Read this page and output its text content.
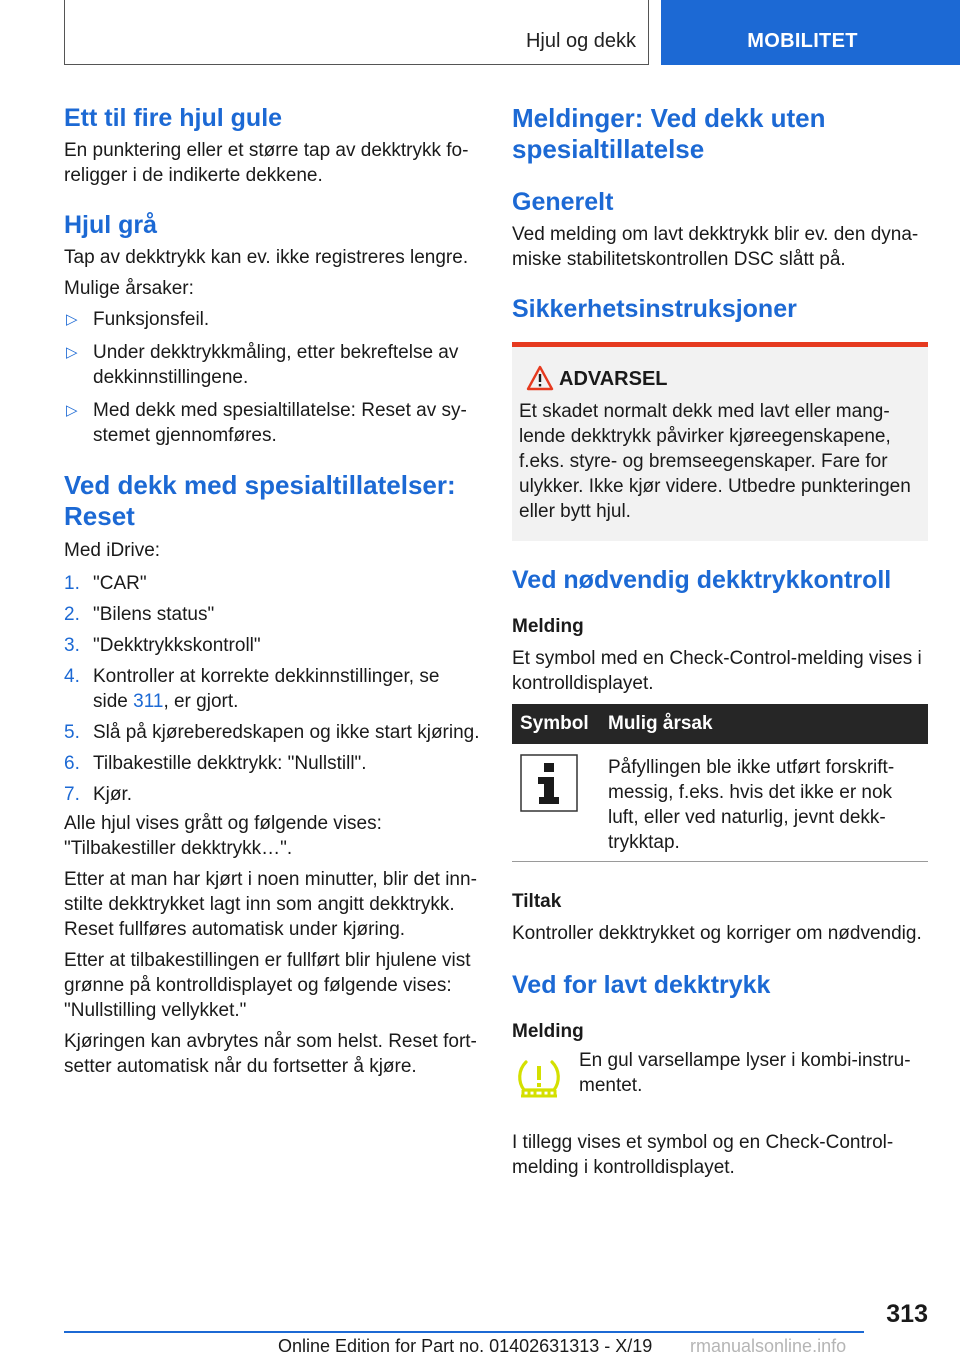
Hjul og dekk	MOBILITET
Ett til fire hjul gule

En punktering eller et større tap av dekktrykk fo-
religger i de indikerte dekkene.

Hjul grå

Tap av dekktrykk kan ev. ikke registreres lengre.

Mulige årsaker:

▷ Funksjonsfeil.
▷ Under dekktrykkmåling, etter bekreftelse av
dekkinnstillingene.
▷ Med dekk med spesialtillatelse: Reset av sy-
stemet gjennomføres.
Ved dekk med spesialtillatelser:
Reset

Med iDrive:

1. "CAR"
2. "Bilens status"
3. "Dekktrykkskontroll"
4. Kontroller at korrekte dekkinnstillinger, se
side 311, er gjort.
5. Slå på kjøreberedskapen og ikke start kjøring.
6. Tilbakestille dekktrykk: "Nullstill".
7. Kjør.

Alle hjul vises grått og følgende vises:
"Tilbakestiller dekktrykk…".

Etter at man har kjørt i noen minutter, blir det inn-
stilte dekktrykket lagt inn som angitt dekktrykk.
Reset fullføres automatisk under kjøring.

Etter at tilbakestillingen er fullført blir hjulene vist
grønne på kontrolldisplayet og følgende vises:
"Nullstilling vellykket."

Kjøringen kan avbrytes når som helst. Reset fort-
setter automatisk når du fortsetter å kjøre.

Meldinger: Ved dekk uten
spesialtillatelse
Generelt

Ved melding om lavt dekktrykk blir ev. den dyna-
miske stabilitetskontrollen DSC slått på.

Sikkerhetsinstruksjoner
ADVARSEL

Et skadet normalt dekk med lavt eller mang-
lende dekktrykk påvirker kjøreegenskapene,
f.eks. styre- og bremseegenskaper. Fare for
ulykker. Ikke kjør videre. Utbedre punkteringen
eller bytt hjul.

Ved nødvendig dekktrykkontroll
Melding

Et symbol med en Check-Control-melding vises i
kontrolldisplayet.

Symbol	Mulig årsak
	Påfyllingen ble ikke utført forskrift-
messig, f.eks. hvis det ikke er nok
luft, eller ved naturlig, jevnt dekk-
trykktap.
Tiltak

Kontroller dekktrykket og korriger om nødvendig.

Ved for lavt dekktrykk
Melding

En gul varsellampe lyser i kombi-instru-
mentet.

I tillegg vises et symbol og en Check-Control-
melding i kontrolldisplayet.

313
Online Edition for Part no. 01402631313 - X/19 rmanualsonline.info
